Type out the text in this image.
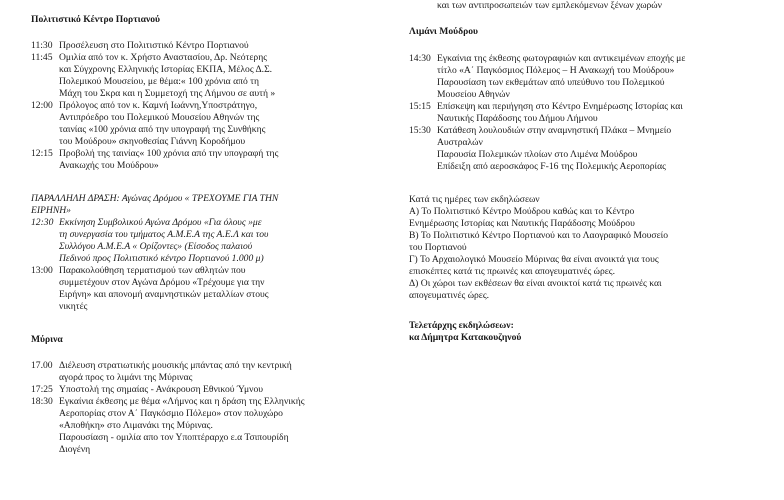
Πολιτιστικό Κέντρο Πορτιανού
11:30 Προσέλευση στο Πολιτιστικό Κέντρο Πορτιανού
11:45 Ομιλία από τον κ. Χρήστο Αναστασίου, Δρ. Νεότερης
και Σύγχρονης Ελληνικής Ιστορίας ΕΚΠΑ, Μέλος Δ.Σ.
Πολεμικού Μουσείου, με θέμα:« 100 χρόνια από τη
Μάχη του Σκρα και η Συμμετοχή της Λήμνου σε αυτή »
12:00 Πρόλογος από τον κ. Καμνή Ιωάννη,Υποστράτηγο,
Αντιπρόεδρο του Πολεμικού Μουσείου Αθηνών της
ταινίας «100 χρόνια από την υπογραφή της Συνθήκης
του Μούδρου» σκηνοθεσίας Γιάννη Κοροδήμου
12:15 Προβολή της ταινίας« 100 χρόνια από την υπογραφή της
Ανακωχής του Μούδρου»
ΠΑΡΑΛΛΗΛΗ ΔΡΑΣΗ: Αγώνας Δρόμου « ΤΡΕΧΟΥΜΕ ΓΙΑ ΤΗΝ
ΕΙΡΗΝΗ»
12:30 Εκκίνηση Συμβολικού Αγώνα Δρόμου «Για όλους »με
τη συνεργασία του τμήματος Α.Μ.Ε.Α της Α.Ε.Λ και του
Συλλόγου Α.Μ.Ε.Α « Ορίζοντες» (Είσοδος παλαιού
Πεδινού προς Πολιτιστικό κέντρο Πορτιανού 1.000 μ)
13:00 Παρακολούθηση τερματισμού των αθλητών που
συμμετέχουν στον Αγώνα Δρόμου «Τρέχουμε για την
Ειρήνη» και απονομή αναμνηστικών μεταλλίων στους
νικητές
Μύρινα
17.00 Διέλευση στρατιωτικής μουσικής μπάντας από την κεντρική
αγορά προς το λιμάνι της Μύρινας
17:25 Υποστολή της σημαίας - Ανάκρουση Εθνικού Ύμνου
18:30 Εγκαίνια έκθεσης με θέμα «Λήμνος και η δράση της Ελληνικής
Αεροπορίας στον Α΄ Παγκόσμιο Πόλεμο» στον πολυχώρο
«Αποθήκη» στο Λιμανάκι της Μύρινας.
Παρουσίαση - ομιλία απο τον Υποπτέραρχο ε.α Τσιπουρίδη
Διογένη
και των αντιπροσωπειών των εμπλεκόμενων ξένων χωρών
Λιμάνι Μούδρου
14:30 Εγκαίνια της έκθεσης φωτογραφιών και αντικειμένων εποχής με
τίτλο «Α΄ Παγκόσμιος Πόλεμος – Η Ανακωχή του Μούδρου»
Παρουσίαση των εκθεμάτων από υπεύθυνο του Πολεμικού
Μουσείου Αθηνών
15:15 Επίσκεψη και περιήγηση στο Κέντρο Ενημέρωσης Ιστορίας και
Ναυτικής Παράδοσης του Δήμου Λήμνου
15:30 Κατάθεση λουλουδιών στην αναμνηστική Πλάκα – Μνημείο
Αυστραλών
Παρουσία Πολεμικών πλοίων στο Λιμένα Μούδρου
Επίδειξη από αεροσκάφος F-16 της Πολεμικής Αεροπορίας
Κατά τις ημέρες των εκδηλώσεων
Α) Το Πολιτιστικό Κέντρο Μούδρου καθώς και το Κέντρο
Ενημέρωσης Ιστορίας και Ναυτικής Παράδοσης Μούδρου
Β) Το Πολιτιστικό Κέντρο Πορτιανού και το Λαογραφικό Μουσείο
του Πορτιανού
Γ) Το Αρχαιολογικό Μουσείο Μύρινας θα είναι ανοικτά για τους
επισκέπτες κατά τις πρωινές και απογευματινές ώρες.
Δ) Οι χώροι των εκθέσεων θα είναι ανοικτοί κατά τις πρωινές και
απογευματινές ώρες.
Τελετάρχης εκδηλώσεων:
κα Δήμητρα Κατακουζηνού
